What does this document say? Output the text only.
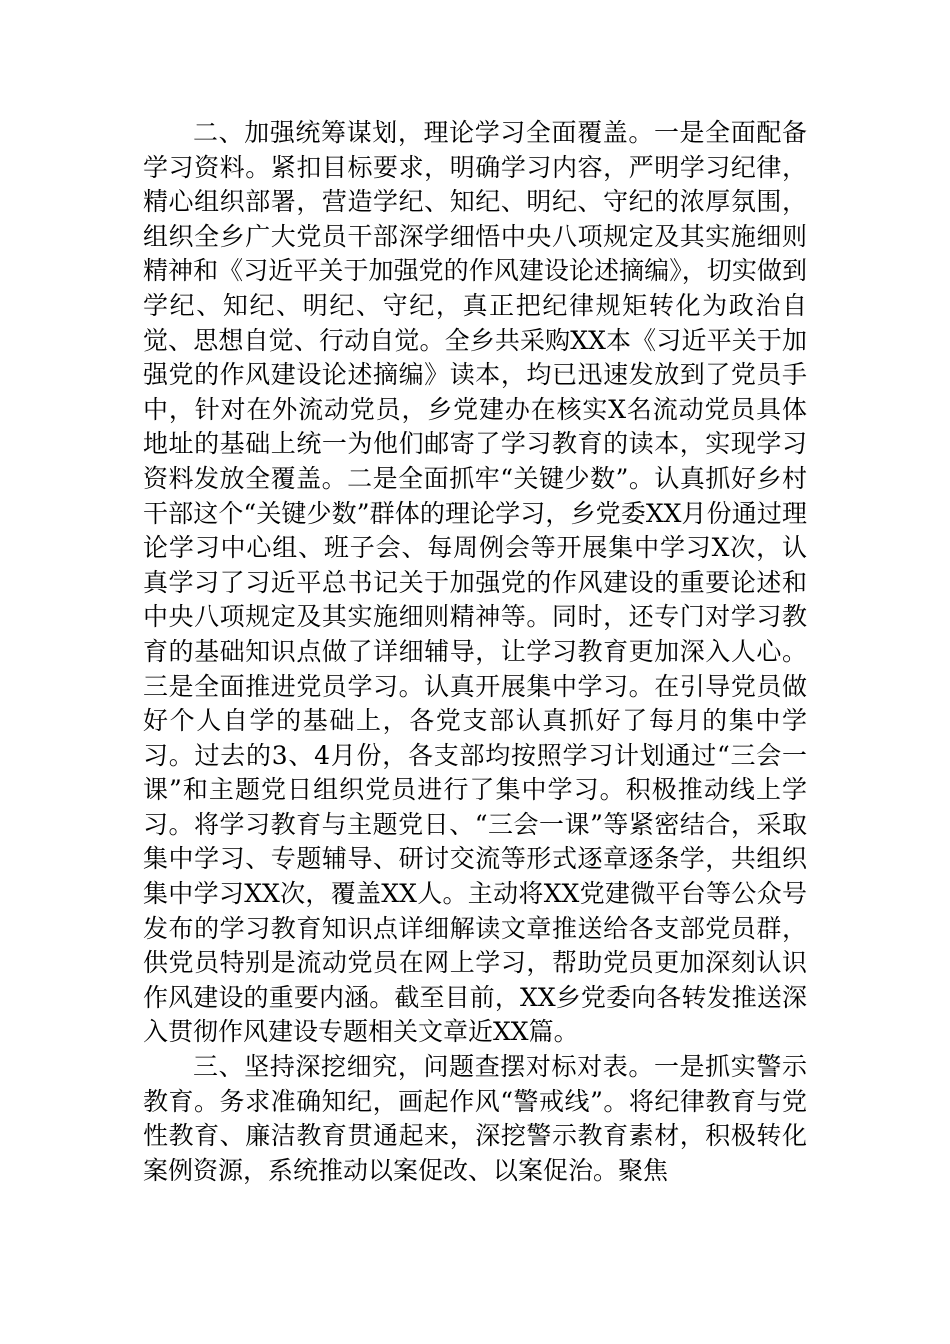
二、加强统筹谋划，理论学习全面覆盖。一是全面配备学习资料。紧扣目标要求，明确学习内容，严明学习纪律，精心组织部署，营造学纪、知纪、明纪、守纪的浓厚氛围，组织全乡广大党员干部深学细悟中央八项规定及其实施细则精神和《习近平关于加强党的作风建设论述摘编》，切实做到学纪、知纪、明纪、守纪，真正把纪律规矩转化为政治自觉、思想自觉、行动自觉。全乡共采购XX本《习近平关于加强党的作风建设论述摘编》读本，均已迅速发放到了党员手中，针对在外流动党员，乡党建办在核实X名流动党员具体地址的基础上统一为他们邮寄了学习教育的读本，实现学习资料发放全覆盖。二是全面抓牢“关键少数”。认真抓好乡村干部这个“关键少数”群体的理论学习，乡党委XX月份通过理论学习中心组、班子会、每周例会等开展集中学习X次，认真学习了习近平总书记关于加强党的作风建设的重要论述和中央八项规定及其实施细则精神等。同时，还专门对学习教育的基础知识点做了详细辅导，让学习教育更加深入人心。三是全面推进党员学习。认真开展集中学习。在引导党员做好个人自学的基础上，各党支部认真抓好了每月的集中学习。过去的3、4月份，各支部均按照学习计划通过“三会一课”和主题党日组织党员进行了集中学习。积极推动线上学习。将学习教育与主题党日、“三会一课”等紧密结合，采取集中学习、专题辅导、研讨交流等形式逐章逐条学，共组织集中学习XX次，覆盖XX人。主动将XX党建微平台等公众号发布的学习教育知识点详细解读文章推送给各支部党员群，供党员特别是流动党员在网上学习，帮助党员更加深刻认识作风建设的重要内涵。截至目前，XX乡党委向各转发推送深入贯彻作风建设专题相关文章近XX篇。

三、坚持深挖细究，问题查摆对标对表。一是抓实警示教育。务求准确知纪，画起作风“警戒线”。将纪律教育与党性教育、廉洁教育贯通起来，深挖警示教育素材，积极转化案例资源，系统推动以案促改、以案促治。聚焦
